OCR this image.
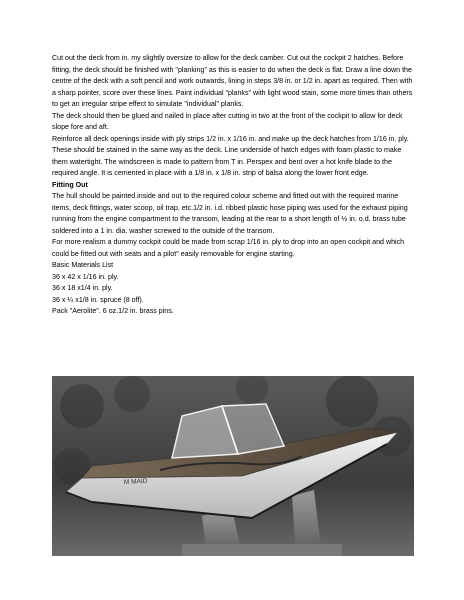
Cut out the deck from in. my slightly oversize to allow for the deck camber. Cut out the cockpit 2 hatches. Before fitting, the deck should be finished with "planking" as this is easier to do when the deck is flat. Draw a line down the centre of the deck with a soft pencil and work outwards, lining in steps 3/8 in. or 1/2 in. apart as required. Then with a sharp pointer, score over these lines. Paint individual "planks" with light wood stain, some more times than others to get an irregular stripe effect to simulate "individual" planks.

The deck should then be glued and nailed in place after cutting in two at the front of the cockpit to allow for deck slope fore and aft.

Reinforce all deck openings inside with ply strips 1/2 in. x 1/16 in. and make up the deck hatches from 1/16 in. ply. These should be stained in the same way as the deck. Line underside of hatch edges with foam plastic to make them watertight. The windscreen is made to pattern from T in. Perspex and bent over a hot knife blade to the required angle. It is cemented in place with a 1/8 in. x 1/8 in. strip of balsa along the lower front edge.

Fitting Out

The hull should be painted inside and out to the required colour scheme and fitted out with the required marine items, deck fittings, water scoop, oil trap. etc.1/2 in. i.d. ribbed plastic hose piping was used for the exhaust piping running from the engine compartment to the transom, leading at the rear to a short length of ½ in. o.d. brass tube soldered into a 1 in. dia. washer screwed to the outside of the transom.

For more realism a dummy cockpit could be made from scrap 1/16 in. ply to drop into an open cockpit and which could be fitted out with seats and a pilot" easily removable for engine starting.

Basic Materials List

36 x 42 x 1/16 in. ply.

36 x 18 x1/4 in. ply.

36 x ¼ x1/8 in. spruce (8 off).

Pack "Aerolite". 6 oz.1/2 in. brass pins.

M MAID
